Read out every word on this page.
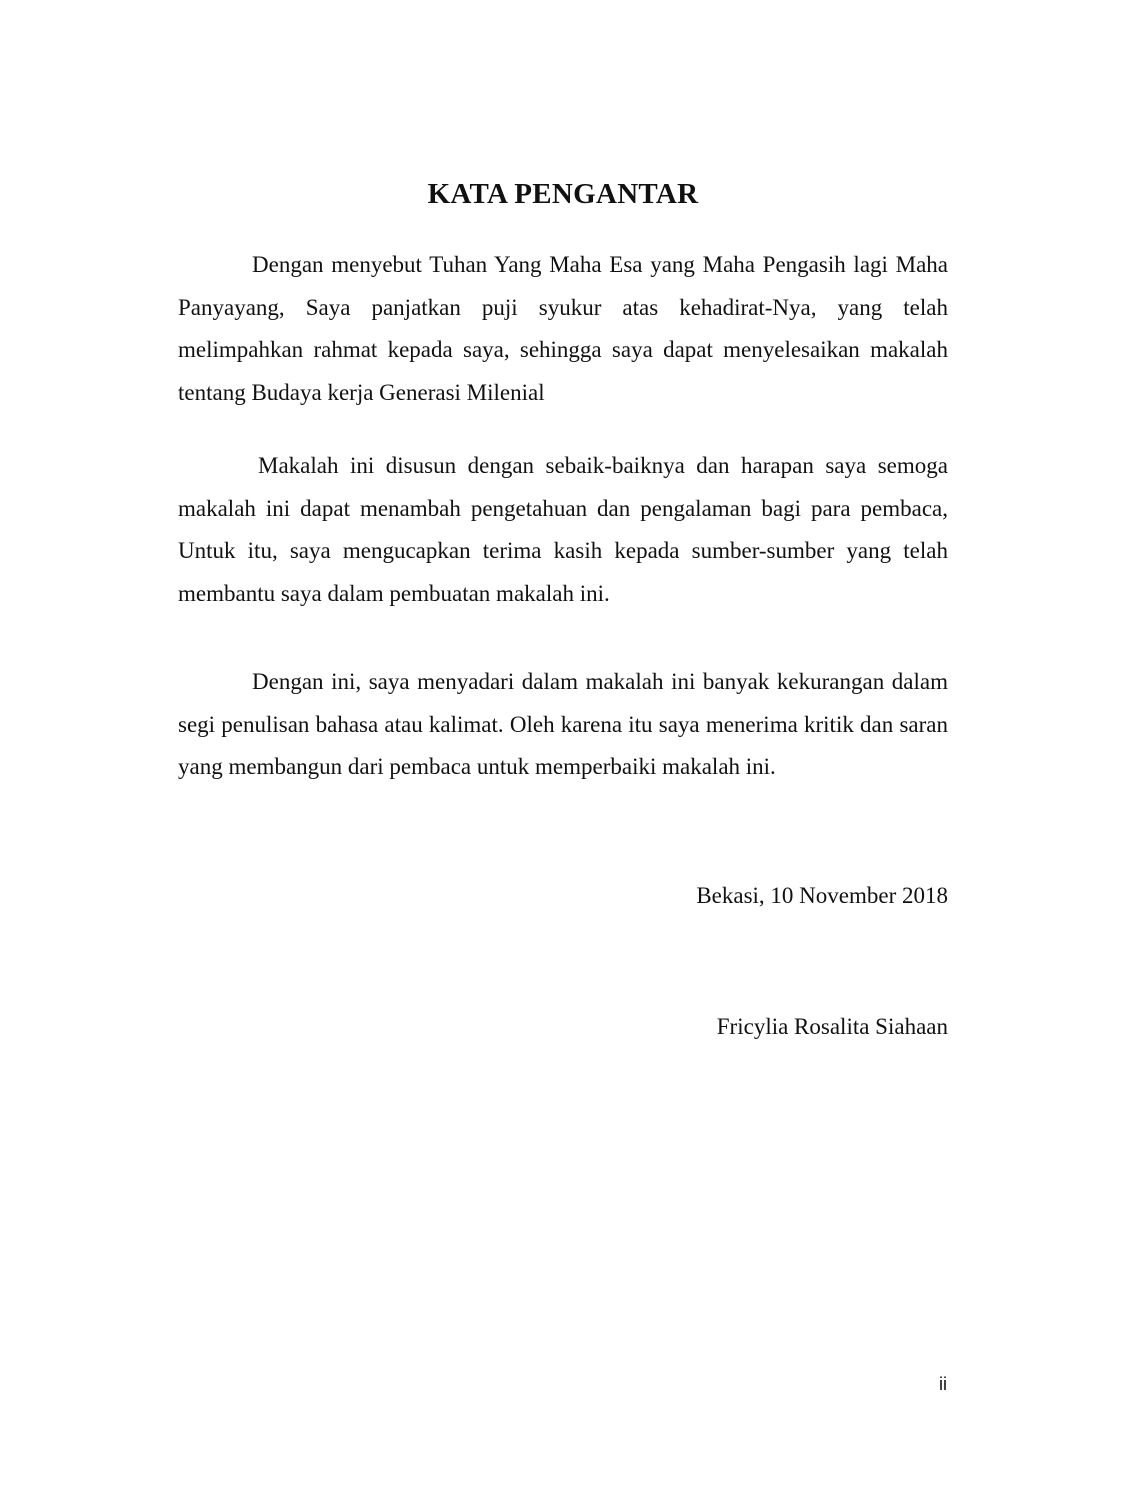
KATA PENGANTAR

Dengan menyebut Tuhan Yang Maha Esa yang Maha Pengasih lagi Maha Panyayang, Saya panjatkan puji syukur atas kehadirat-Nya, yang telah melimpahkan rahmat kepada saya, sehingga saya dapat menyelesaikan makalah tentang Budaya kerja Generasi Milenial

Makalah ini disusun dengan sebaik-baiknya dan harapan saya semoga makalah ini dapat menambah pengetahuan dan pengalaman bagi para pembaca, Untuk itu, saya mengucapkan terima kasih kepada sumber-sumber yang telah membantu saya dalam pembuatan makalah ini.

Dengan ini, saya menyadari dalam makalah ini banyak kekurangan dalam segi penulisan bahasa atau kalimat. Oleh karena itu saya menerima kritik dan saran yang membangun dari pembaca untuk memperbaiki makalah ini.

Bekasi, 10 November 2018

Fricylia Rosalita Siahaan

ii
